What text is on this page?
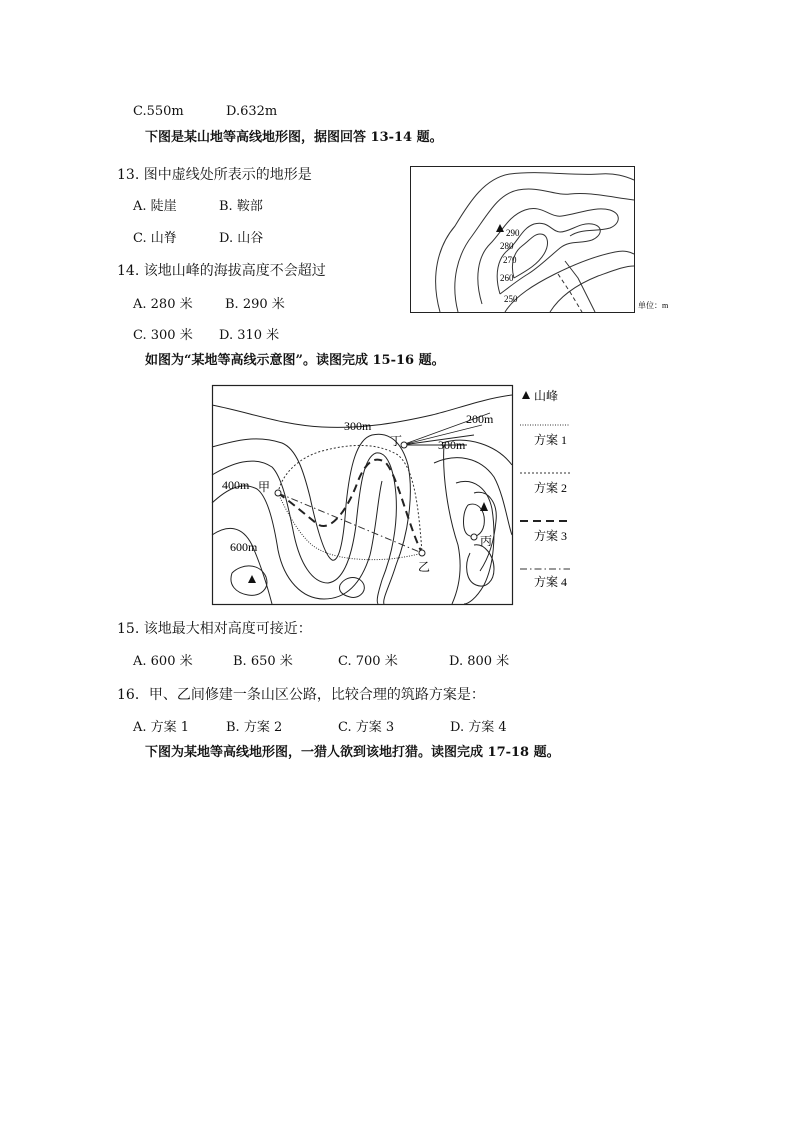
C.550m	D.632m
下图是某山地等高线地形图，据图回答 13-14 题。
13. 图中虚线处所表示的地形是
A. 陡崖	B. 鞍部
C. 山脊	D. 山谷
14. 该地山峰的海拔高度不会超过
A. 280 米 B. 290 米
C. 300 米 D. 310 米
290
280
270
260
250
单位：m
如图为“某地等高线示意图”。读图完成 15-16 题。
300m	200m
300m
400m
600m
甲
乙
丙
丁
山峰
方案 1
方案 2
方案 3
方案 4
15. 该地最大相对高度可接近：
A. 600 米	B. 650 米	C. 700 米	D. 800 米
16．甲、乙间修建一条山区公路，比较合理的筑路方案是：
A. 方案 1	B. 方案 2	C. 方案 3	D. 方案 4
下图为某地等高线地形图，一猎人欲到该地打猎。读图完成 17-18 题。
